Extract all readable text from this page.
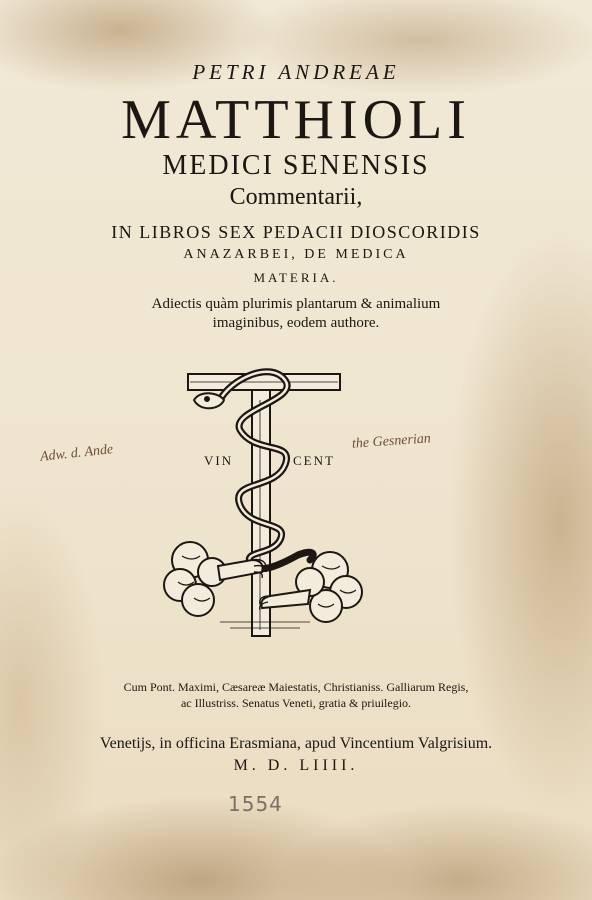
PETRI ANDREAE
MATTHIOLI
MEDICI SENENSIS
Commentarii,
IN LIBROS SEX PEDACII DIOSCORIDIS
ANAZARBEI, DE MEDICA
MATERIA.
Adiectis quàm plurimis plantarum & animalium
imaginibus, eodem authore.
VIN	CENT
Adw. d. Ande
the Gesnerian
Cum Pont. Maximi, Cæsareæ Maiestatis, Christianiss. Galliarum Regis,
ac Illustriss. Senatus Veneti, gratia & priuilegio.
Venetijs, in officina Erasmiana, apud Vincentium Valgrisium.
M. D. LIIII.
1554
